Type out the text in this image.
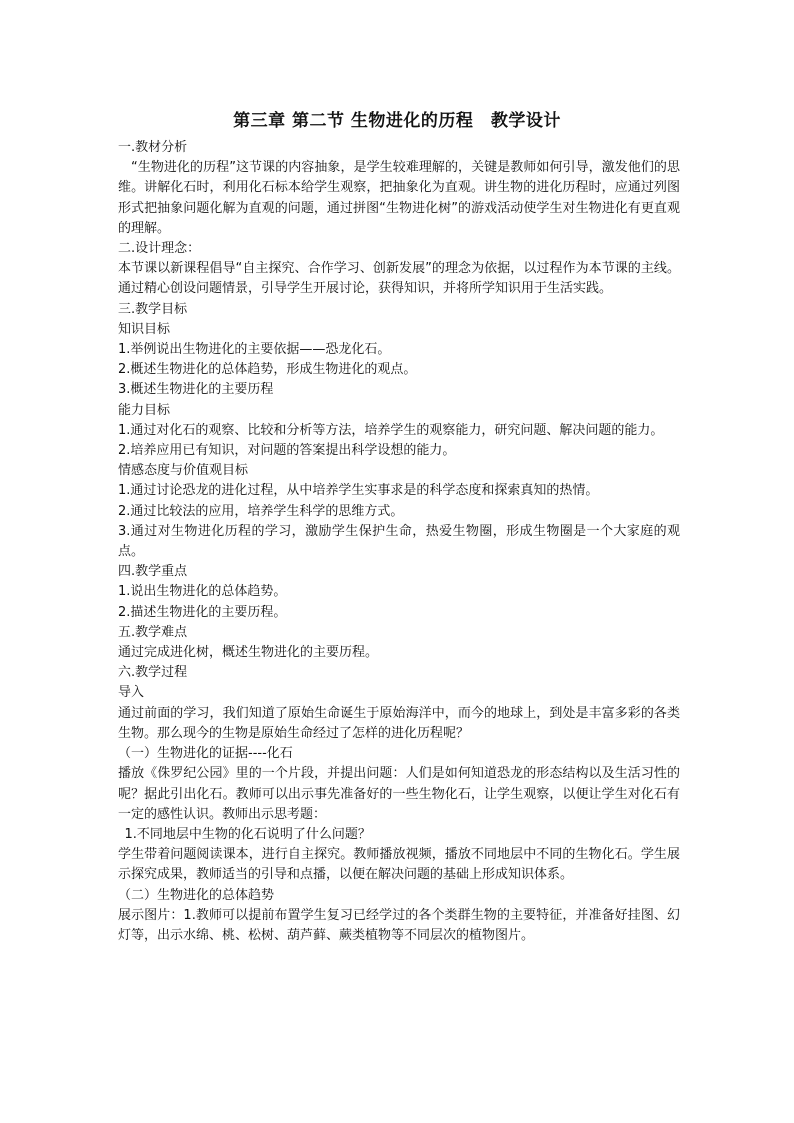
第三章 第二节 生物进化的历程　教学设计

一.教材分析

“生物进化的历程”这节课的内容抽象，是学生较难理解的，关键是教师如何引导，激发他们的思维。讲解化石时，利用化石标本给学生观察，把抽象化为直观。讲生物的进化历程时，应通过列图形式把抽象问题化解为直观的问题，通过拼图“生物进化树”的游戏活动使学生对生物进化有更直观的理解。

二.设计理念：

本节课以新课程倡导“自主探究、合作学习、创新发展”的理念为依据，以过程作为本节课的主线。通过精心创设问题情景，引导学生开展讨论，获得知识，并将所学知识用于生活实践。

三.教学目标

知识目标

1.举例说出生物进化的主要依据——恐龙化石。

2.概述生物进化的总体趋势，形成生物进化的观点。

3.概述生物进化的主要历程

能力目标

1.通过对化石的观察、比较和分析等方法，培养学生的观察能力，研究问题、解决问题的能力。

2.培养应用已有知识，对问题的答案提出科学设想的能力。

情感态度与价值观目标

1.通过讨论恐龙的进化过程，从中培养学生实事求是的科学态度和探索真知的热情。

2.通过比较法的应用，培养学生科学的思维方式。

3.通过对生物进化历程的学习，激励学生保护生命，热爱生物圈，形成生物圈是一个大家庭的观点。

四.教学重点

1.说出生物进化的总体趋势。

2.描述生物进化的主要历程。

五.教学难点

通过完成进化树，概述生物进化的主要历程。

六.教学过程

导入

通过前面的学习，我们知道了原始生命诞生于原始海洋中，而今的地球上，到处是丰富多彩的各类生物。那么现今的生物是原始生命经过了怎样的进化历程呢？

（一）生物进化的证据----化石

播放《侏罗纪公园》里的一个片段，并提出问题：人们是如何知道恐龙的形态结构以及生活习性的呢？据此引出化石。教师可以出示事先准备好的一些生物化石，让学生观察，以便让学生对化石有一定的感性认识。教师出示思考题：

1.不同地层中生物的化石说明了什么问题？

学生带着问题阅读课本，进行自主探究。教师播放视频，播放不同地层中不同的生物化石。学生展示探究成果，教师适当的引导和点播，以便在解决问题的基础上形成知识体系。

（二）生物进化的总体趋势

展示图片：1.教师可以提前布置学生复习已经学过的各个类群生物的主要特征，并准备好挂图、幻灯等，出示水绵、桃、松树、葫芦藓、蕨类植物等不同层次的植物图片。
